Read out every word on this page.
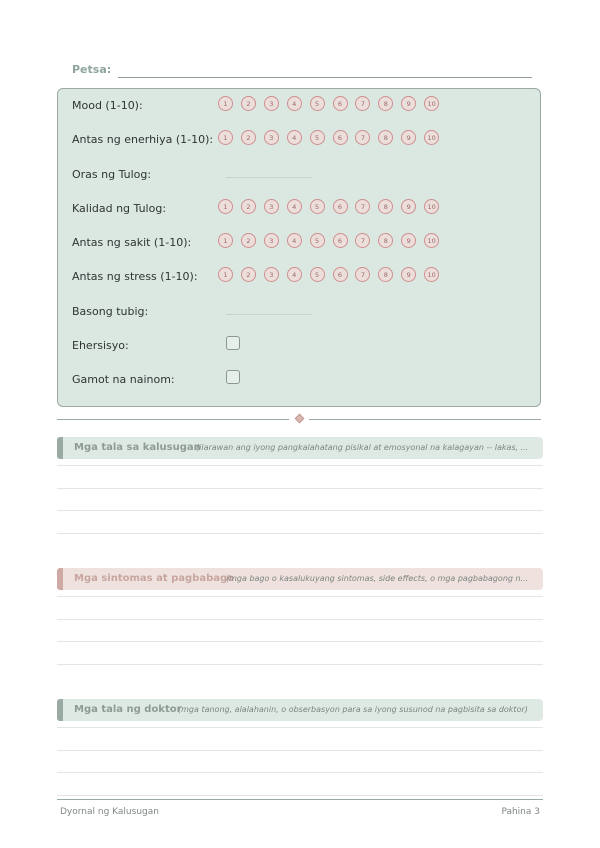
Petsa:
Mood (1-10):	1	2	3	4	5	6	7	8	9	10
Antas ng enerhiya (1-10):	1	2	3	4	5	6	7	8	9	10
Oras ng Tulog:
Kalidad ng Tulog:	1	2	3	4	5	6	7	8	9	10
Antas ng sakit (1-10):	1	2	3	4	5	6	7	8	9	10
Antas ng stress (1-10):	1	2	3	4	5	6	7	8	9	10
Basong tubig:
Ehersisyo:
Gamot na nainom:
Mga tala sa kalusugan
(ilarawan ang iyong pangkalahatang pisikal at emosyonal na kalagayan -- lakas, ...
Mga sintomas at pagbabago
(mga bago o kasalukuyang sintomas, side effects, o mga pagbabagong n...
Mga tala ng doktor
(mga tanong, alalahanin, o obserbasyon para sa iyong susunod na pagbisita sa doktor)
Dyornal ng Kalusugan	Pahina 3
